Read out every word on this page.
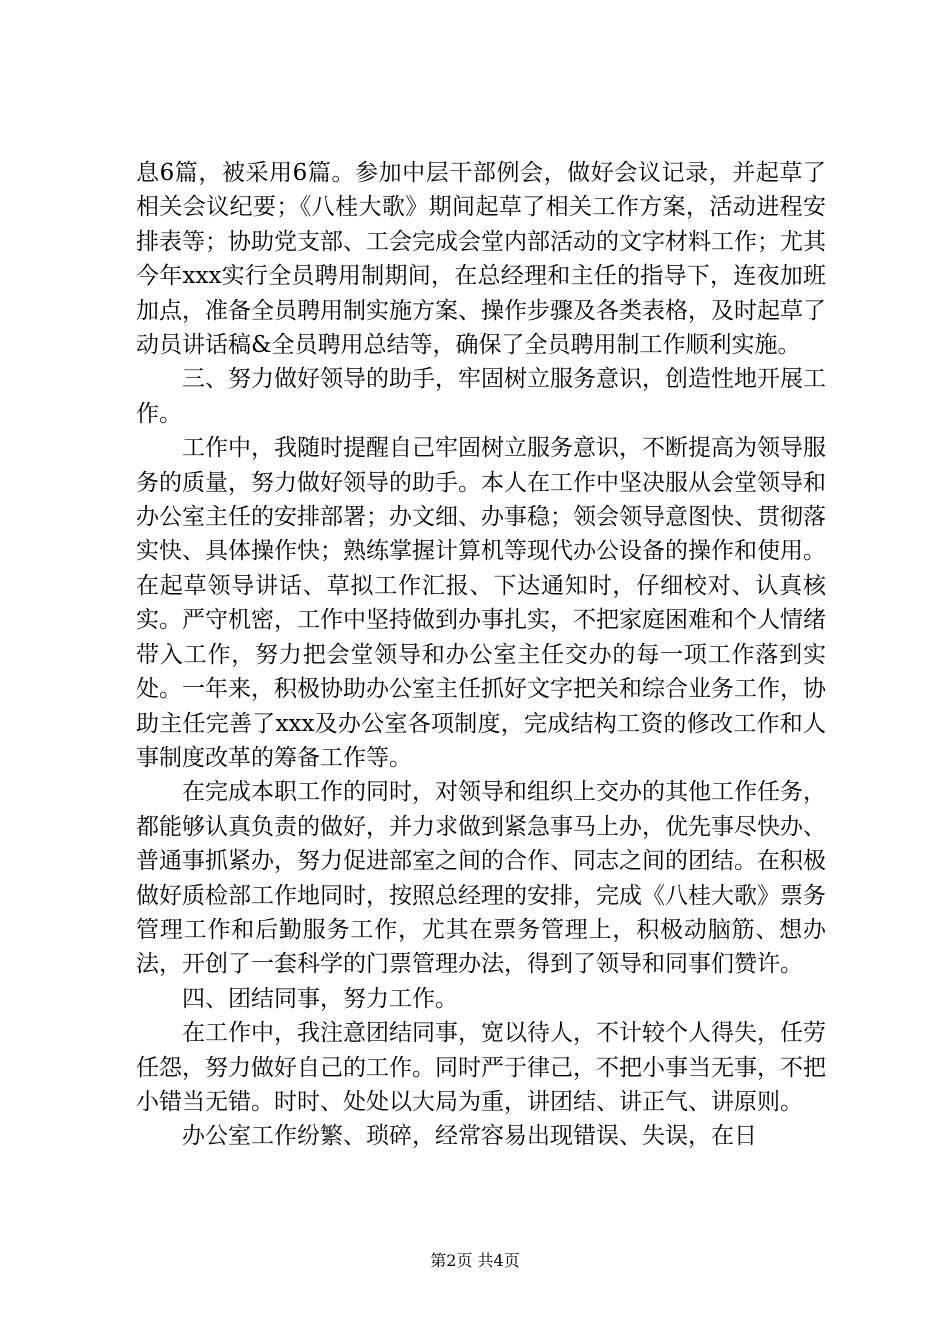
息6篇，被采用6篇。参加中层干部例会，做好会议记录，并起草了相关会议纪要；《八桂大歌》期间起草了相关工作方案，活动进程安排表等；协助党支部、工会完成会堂内部活动的文字材料工作；尤其今年xxx实行全员聘用制期间，在总经理和主任的指导下，连夜加班加点，准备全员聘用制实施方案、操作步骤及各类表格，及时起草了动员讲话稿&全员聘用总结等，确保了全员聘用制工作顺利实施。

三、努力做好领导的助手，牢固树立服务意识，创造性地开展工作。

工作中，我随时提醒自己牢固树立服务意识，不断提高为领导服务的质量，努力做好领导的助手。本人在工作中坚决服从会堂领导和办公室主任的安排部署；办文细、办事稳；领会领导意图快、贯彻落实快、具体操作快；熟练掌握计算机等现代办公设备的操作和使用。在起草领导讲话、草拟工作汇报、下达通知时，仔细校对、认真核实。严守机密，工作中坚持做到办事扎实，不把家庭困难和个人情绪带入工作，努力把会堂领导和办公室主任交办的每一项工作落到实处。一年来，积极协助办公室主任抓好文字把关和综合业务工作，协助主任完善了xxx及办公室各项制度，完成结构工资的修改工作和人事制度改革的筹备工作等。

在完成本职工作的同时，对领导和组织上交办的其他工作任务，都能够认真负责的做好，并力求做到紧急事马上办，优先事尽快办、普通事抓紧办，努力促进部室之间的合作、同志之间的团结。在积极做好质检部工作地同时，按照总经理的安排，完成《八桂大歌》票务管理工作和后勤服务工作，尤其在票务管理上，积极动脑筋、想办法，开创了一套科学的门票管理办法，得到了领导和同事们赞许。

四、团结同事，努力工作。

在工作中，我注意团结同事，宽以待人，不计较个人得失，任劳任怨，努力做好自己的工作。同时严于律己，不把小事当无事，不把小错当无错。时时、处处以大局为重，讲团结、讲正气、讲原则。

办公室工作纷繁、琐碎，经常容易出现错误、失误，在日

第2页 共4页
